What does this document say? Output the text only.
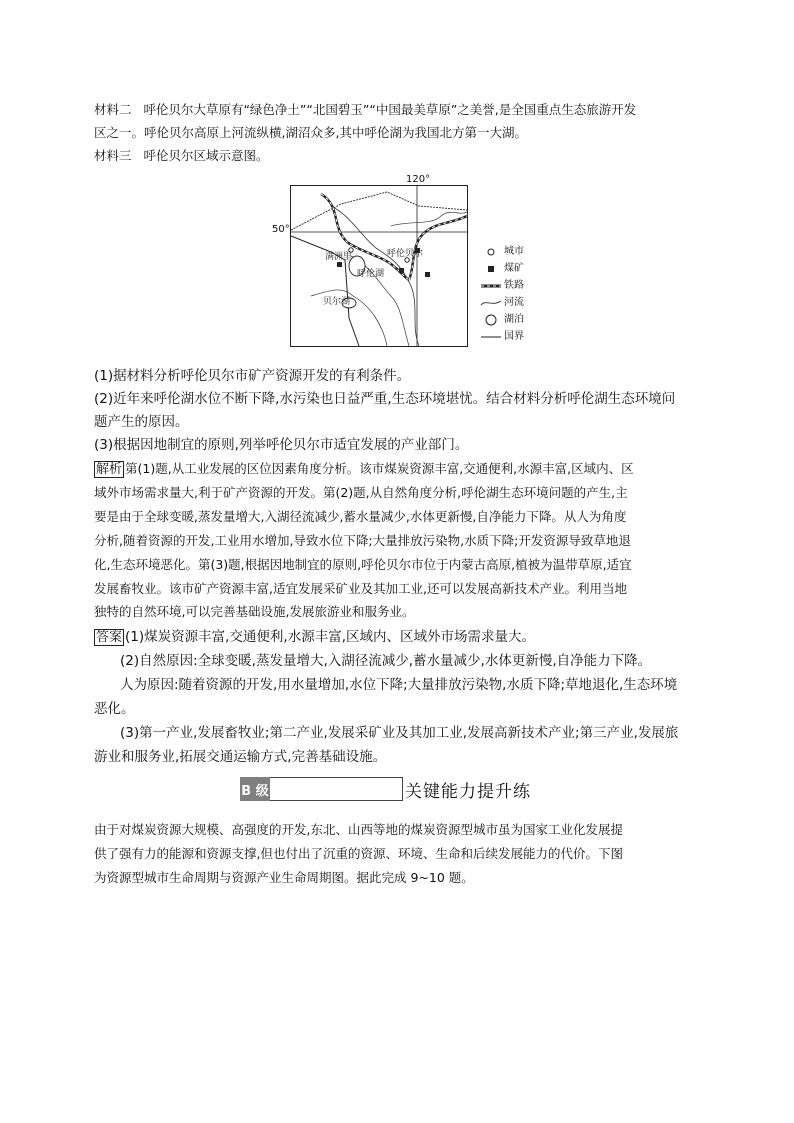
材料二 呼伦贝尔大草原有“绿色净土”“北国碧玉”“中国最美草原”之美誉,是全国重点生态旅游开发
区之一。呼伦贝尔高原上河流纵横,湖沼众多,其中呼伦湖为我国北方第一大湖。
材料三 呼伦贝尔区域示意图。
满洲里	呼伦贝尔
呼伦湖
贝尔湖
120°
50°
城市
煤矿
铁路
河流
湖泊
国界
(1)据材料分析呼伦贝尔市矿产资源开发的有利条件。
(2)近年来呼伦湖水位不断下降,水污染也日益严重,生态环境堪忧。结合材料分析呼伦湖生态环境问
题产生的原因。
(3)根据因地制宜的原则,列举呼伦贝尔市适宜发展的产业部门。
解析 第(1)题,从工业发展的区位因素角度分析。该市煤炭资源丰富,交通便利,水源丰富,区域内、区
域外市场需求量大,利于矿产资源的开发。第(2)题,从自然角度分析,呼伦湖生态环境问题的产生,主
要是由于全球变暖,蒸发量增大,入湖径流减少,蓄水量减少,水体更新慢,自净能力下降。从人为角度
分析,随着资源的开发,工业用水增加,导致水位下降;大量排放污染物,水质下降;开发资源导致草地退
化,生态环境恶化。第(3)题,根据因地制宜的原则,呼伦贝尔市位于内蒙古高原,植被为温带草原,适宜
发展畜牧业。该市矿产资源丰富,适宜发展采矿业及其加工业,还可以发展高新技术产业。利用当地
独特的自然环境,可以完善基础设施,发展旅游业和服务业。
答案 (1)煤炭资源丰富,交通便利,水源丰富,区域内、区域外市场需求量大。
(2)自然原因:全球变暖,蒸发量增大,入湖径流减少,蓄水量减少,水体更新慢,自净能力下降。
人为原因:随着资源的开发,用水量增加,水位下降;大量排放污染物,水质下降;草地退化,生态环境
恶化。
(3)第一产业,发展畜牧业;第二产业,发展采矿业及其加工业,发展高新技术产业;第三产业,发展旅
游业和服务业,拓展交通运输方式,完善基础设施。
B 级	关键能力提升练
由于对煤炭资源大规模、高强度的开发,东北、山西等地的煤炭资源型城市虽为国家工业化发展提
供了强有力的能源和资源支撑,但也付出了沉重的资源、环境、生命和后续发展能力的代价。下图
为资源型城市生命周期与资源产业生命周期图。据此完成 9~10 题。
